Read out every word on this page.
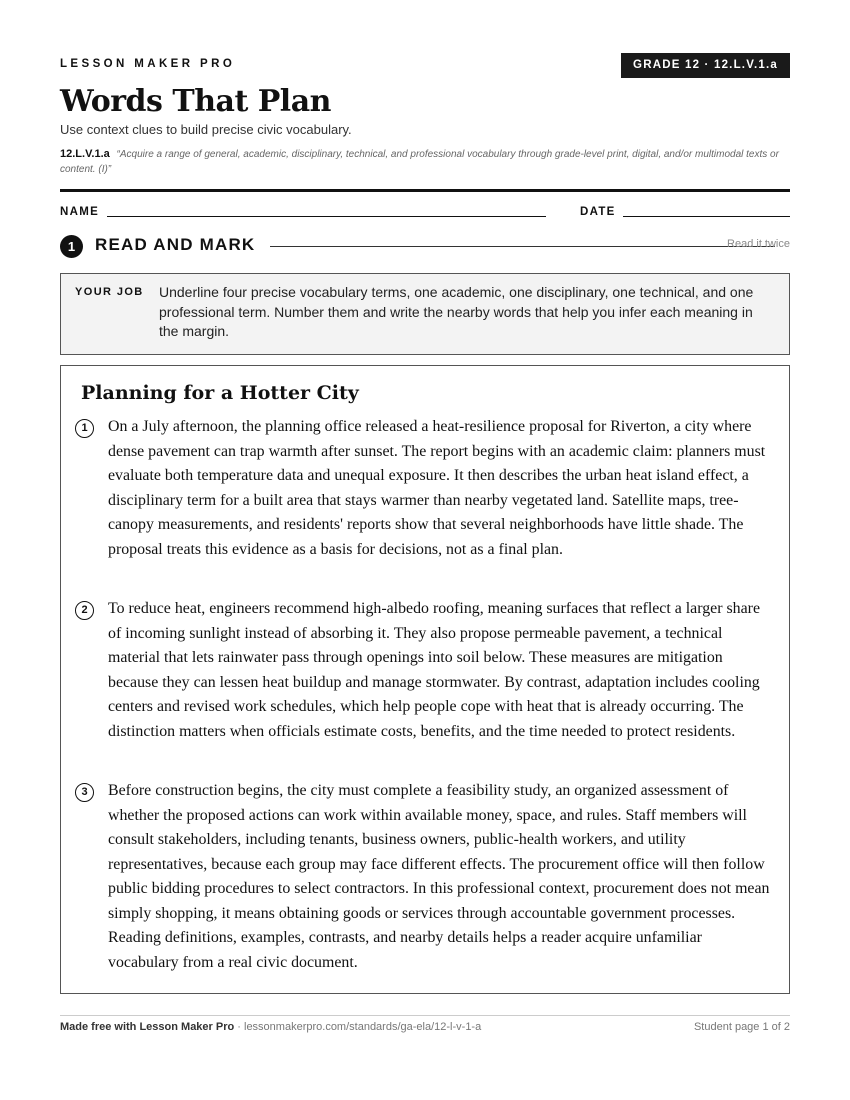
LESSON MAKER PRO	GRADE 12 · 12.L.V.1.a
Words That Plan
Use context clues to build precise civic vocabulary.
12.L.V.1.a “Acquire a range of general, academic, disciplinary, technical, and professional vocabulary through grade-level print, digital, and/or multimodal texts or content. (I)”
NAME	DATE
1	READ AND MARK	Read it twice
YOUR JOB Underline four precise vocabulary terms, one academic, one disciplinary, one technical, and one professional term. Number them and write the nearby words that help you infer each meaning in the margin.
Planning for a Hotter City
1	On a July afternoon, the planning office released a heat-resilience proposal for Riverton, a city where dense pavement can trap warmth after sunset. The report begins with an academic claim: planners must evaluate both temperature data and unequal exposure. It then describes the urban heat island effect, a disciplinary term for a built area that stays warmer than nearby vegetated land. Satellite maps, tree-canopy measurements, and residents' reports show that several neighborhoods have little shade. The proposal treats this evidence as a basis for decisions, not as a final plan.
2	To reduce heat, engineers recommend high-albedo roofing, meaning surfaces that reflect a larger share of incoming sunlight instead of absorbing it. They also propose permeable pavement, a technical material that lets rainwater pass through openings into soil below. These measures are mitigation because they can lessen heat buildup and manage stormwater. By contrast, adaptation includes cooling centers and revised work schedules, which help people cope with heat that is already occurring. The distinction matters when officials estimate costs, benefits, and the time needed to protect residents.
3	Before construction begins, the city must complete a feasibility study, an organized assessment of whether the proposed actions can work within available money, space, and rules. Staff members will consult stakeholders, including tenants, business owners, public-health workers, and utility representatives, because each group may face different effects. The procurement office will then follow public bidding procedures to select contractors. In this professional context, procurement does not mean simply shopping, it means obtaining goods or services through accountable government processes. Reading definitions, examples, contrasts, and nearby details helps a reader acquire unfamiliar vocabulary from a real civic document.
Made free with Lesson Maker Pro · lessonmakerpro.com/standards/ga-ela/12-l-v-1-a	Student page 1 of 2
